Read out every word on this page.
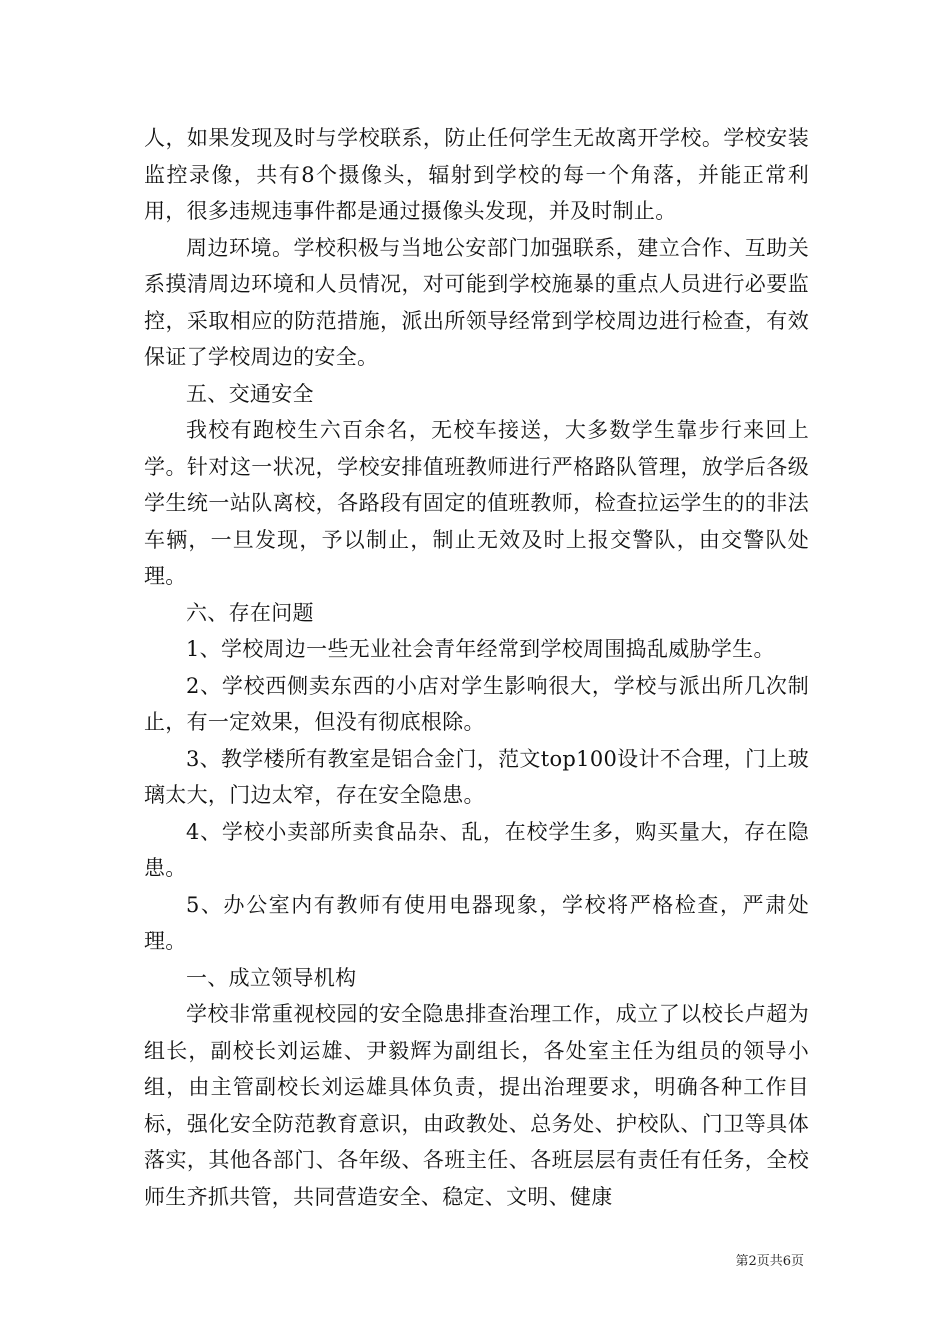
人，如果发现及时与学校联系，防止任何学生无故离开学校。学校安装监控录像，共有8个摄像头，辐射到学校的每一个角落，并能正常利用，很多违规违事件都是通过摄像头发现，并及时制止。

周边环境。学校积极与当地公安部门加强联系，建立合作、互助关系摸清周边环境和人员情况，对可能到学校施暴的重点人员进行必要监控，采取相应的防范措施，派出所领导经常到学校周边进行检查，有效保证了学校周边的安全。

五、交通安全

我校有跑校生六百余名，无校车接送，大多数学生靠步行来回上学。针对这一状况，学校安排值班教师进行严格路队管理，放学后各级学生统一站队离校，各路段有固定的值班教师，检查拉运学生的的非法车辆，一旦发现，予以制止，制止无效及时上报交警队，由交警队处理。

六、存在问题

1、学校周边一些无业社会青年经常到学校周围捣乱威胁学生。

2、学校西侧卖东西的小店对学生影响很大，学校与派出所几次制止，有一定效果，但没有彻底根除。

3、教学楼所有教室是铝合金门，范文top100设计不合理，门上玻璃太大，门边太窄，存在安全隐患。

4、学校小卖部所卖食品杂、乱，在校学生多，购买量大，存在隐患。

5、办公室内有教师有使用电器现象，学校将严格检查，严肃处理。

一、成立领导机构

学校非常重视校园的安全隐患排查治理工作，成立了以校长卢超为组长，副校长刘运雄、尹毅辉为副组长，各处室主任为组员的领导小组，由主管副校长刘运雄具体负责，提出治理要求，明确各种工作目标，强化安全防范教育意识，由政教处、总务处、护校队、门卫等具体落实，其他各部门、各年级、各班主任、各班层层有责任有任务，全校师生齐抓共管，共同营造安全、稳定、文明、健康

第2页共6页
